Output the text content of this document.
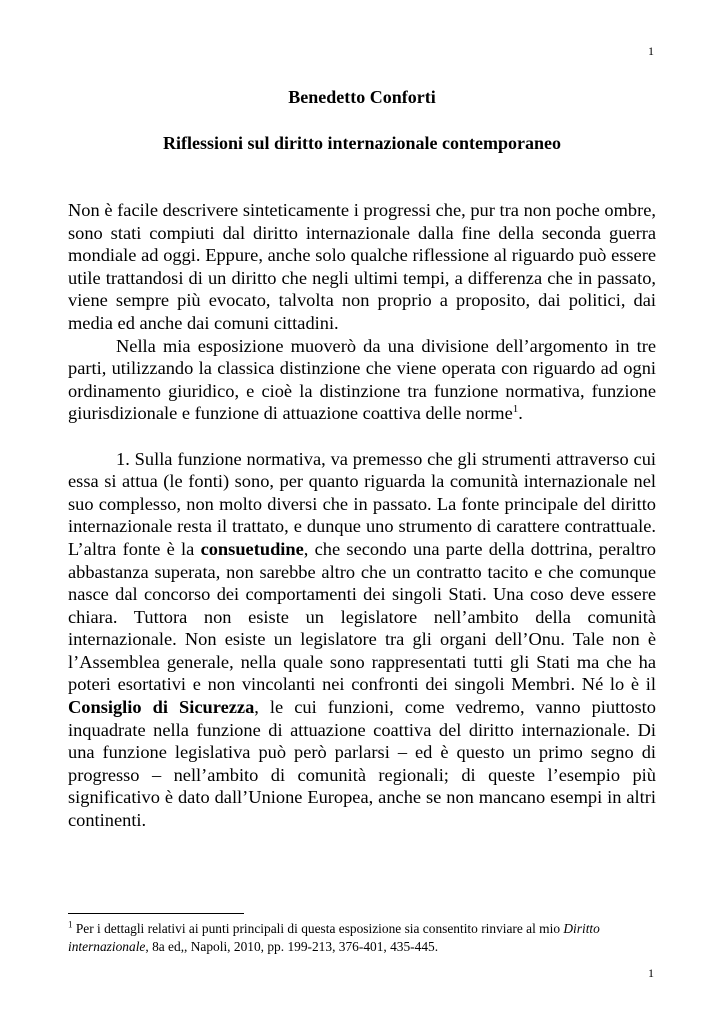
1
Benedetto Conforti
Riflessioni sul diritto internazionale contemporaneo

Non è facile descrivere sinteticamente i progressi che, pur tra non poche ombre, sono stati compiuti dal diritto internazionale dalla fine della seconda guerra mondiale ad oggi. Eppure, anche solo qualche riflessione al riguardo può essere utile trattandosi di un diritto che negli ultimi tempi, a differenza che in passato, viene sempre più evocato, talvolta non proprio a proposito, dai politici, dai media ed anche dai comuni cittadini.

Nella mia esposizione muoverò da una divisione dell’argomento in tre parti, utilizzando la classica distinzione che viene operata con riguardo ad ogni ordinamento giuridico, e cioè la distinzione tra funzione normativa, funzione giurisdizionale e funzione di attuazione coattiva delle norme$^1$.

1. Sulla funzione normativa, va premesso che gli strumenti attraverso cui essa si attua (le fonti) sono, per quanto riguarda la comunità internazionale nel suo complesso, non molto diversi che in passato. La fonte principale del diritto internazionale resta il trattato, e dunque uno strumento di carattere contrattuale. L’altra fonte è la consuetudine, che secondo una parte della dottrina, peraltro abbastanza superata, non sarebbe altro che un contratto tacito e che comunque nasce dal concorso dei comportamenti dei singoli Stati. Una coso deve essere chiara. Tuttora non esiste un legislatore nell’ambito della comunità internazionale. Non esiste un legislatore tra gli organi dell’Onu. Tale non è l’Assemblea generale, nella quale sono rappresentati tutti gli Stati ma che ha poteri esortativi e non vincolanti nei confronti dei singoli Membri. Né lo è il Consiglio di Sicurezza, le cui funzioni, come vedremo, vanno piuttosto inquadrate nella funzione di attuazione coattiva del diritto internazionale. Di una funzione legislativa può però parlarsi – ed è questo un primo segno di progresso – nell’ambito di comunità regionali; di queste l’esempio più significativo è dato dall’Unione Europea, anche se non mancano esempi in altri continenti.

$^1$ Per i dettagli relativi ai punti principali di questa esposizione sia consentito rinviare al mio Diritto internazionale, 8a ed,, Napoli, 2010, pp. 199-213, 376-401, 435-445.
1
